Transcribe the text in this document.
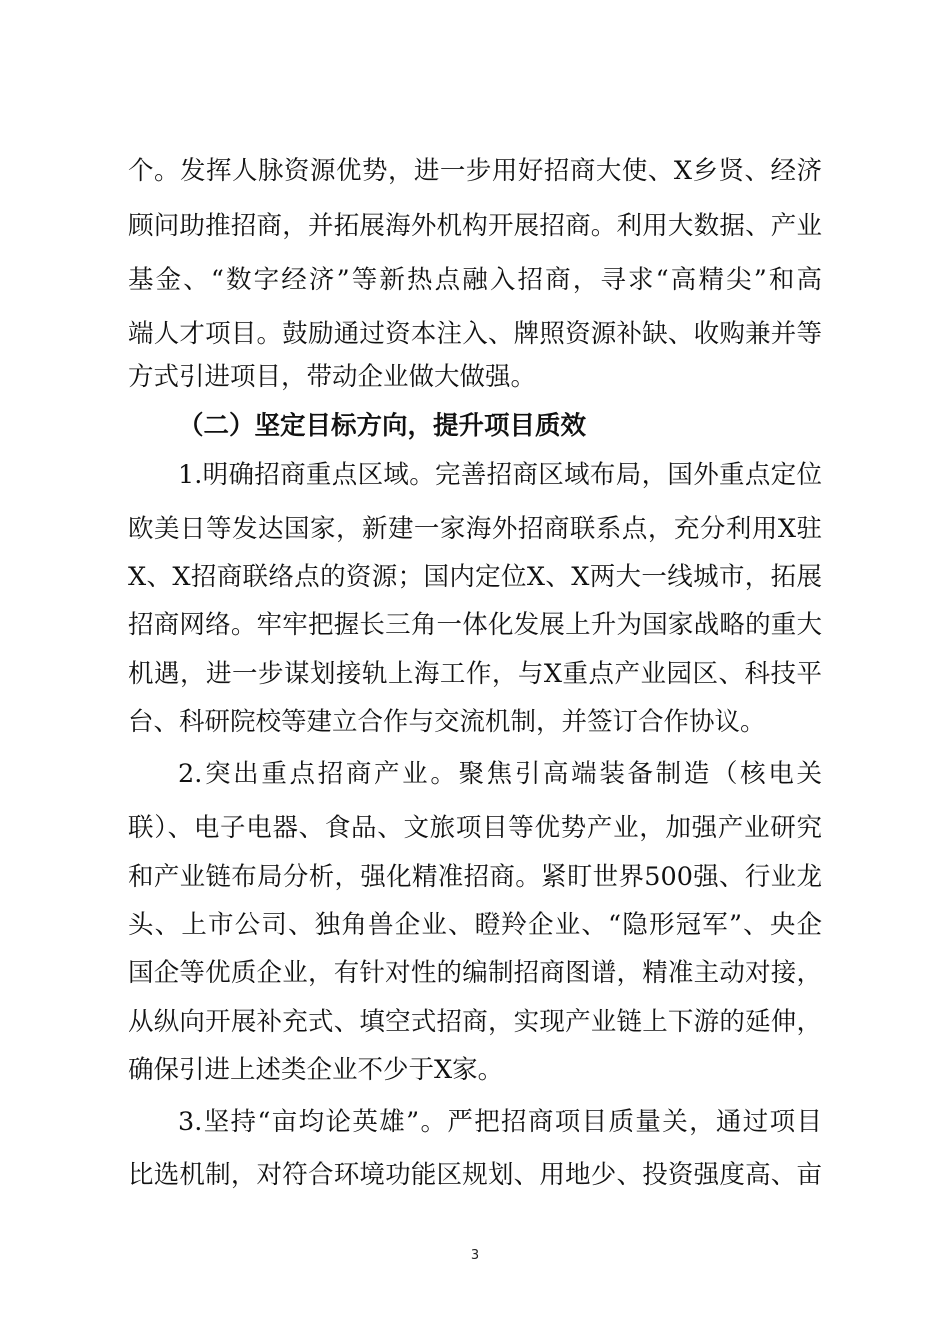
个。发挥人脉资源优势，进一步用好招商大使、X乡贤、经济
顾问助推招商，并拓展海外机构开展招商。利用大数据、产业
基金、“数字经济”等新热点融入招商，寻求“高精尖”和高
端人才项目。鼓励通过资本注入、牌照资源补缺、收购兼并等
方式引进项目，带动企业做大做强。
（二）坚定目标方向，提升项目质效
1.明确招商重点区域。完善招商区域布局，国外重点定位
欧美日等发达国家，新建一家海外招商联系点，充分利用X驻
X、X招商联络点的资源；国内定位X、X两大一线城市，拓展
招商网络。牢牢把握长三角一体化发展上升为国家战略的重大
机遇，进一步谋划接轨上海工作，与X重点产业园区、科技平
台、科研院校等建立合作与交流机制，并签订合作协议。
2.突出重点招商产业。聚焦引高端装备制造（核电关
联）、电子电器、食品、文旅项目等优势产业，加强产业研究
和产业链布局分析，强化精准招商。紧盯世界500强、行业龙
头、上市公司、独角兽企业、瞪羚企业、“隐形冠军”、央企
国企等优质企业，有针对性的编制招商图谱，精准主动对接，
从纵向开展补充式、填空式招商，实现产业链上下游的延伸，
确保引进上述类企业不少于X家。
3.坚持“亩均论英雄”。严把招商项目质量关，通过项目
比选机制，对符合环境功能区规划、用地少、投资强度高、亩
3
